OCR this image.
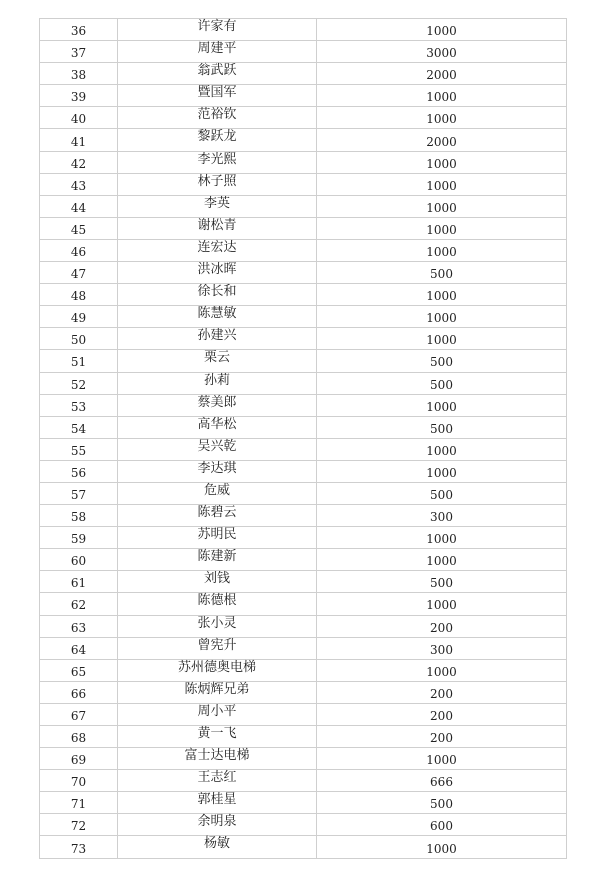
36	许家有	1000
37	周建平	3000
38	翁武跃	2000
39	暨国军	1000
40	范裕钦	1000
41	黎跃龙	2000
42	李光熙	1000
43	林子照	1000
44	李英	1000
45	谢松青	1000
46	连宏达	1000
47	洪冰晖	500
48	徐长和	1000
49	陈慧敏	1000
50	孙建兴	1000
51	栗云	500
52	孙莉	500
53	蔡美郎	1000
54	高华松	500
55	吴兴乾	1000
56	李达琪	1000
57	危威	500
58	陈碧云	300
59	苏明民	1000
60	陈建新	1000
61	刘钱	500
62	陈德根	1000
63	张小灵	200
64	曾宪升	300
65	苏州德奥电梯	1000
66	陈炳辉兄弟	200
67	周小平	200
68	黄一飞	200
69	富士达电梯	1000
70	王志红	666
71	郭桂星	500
72	余明泉	600
73	杨敏	1000
